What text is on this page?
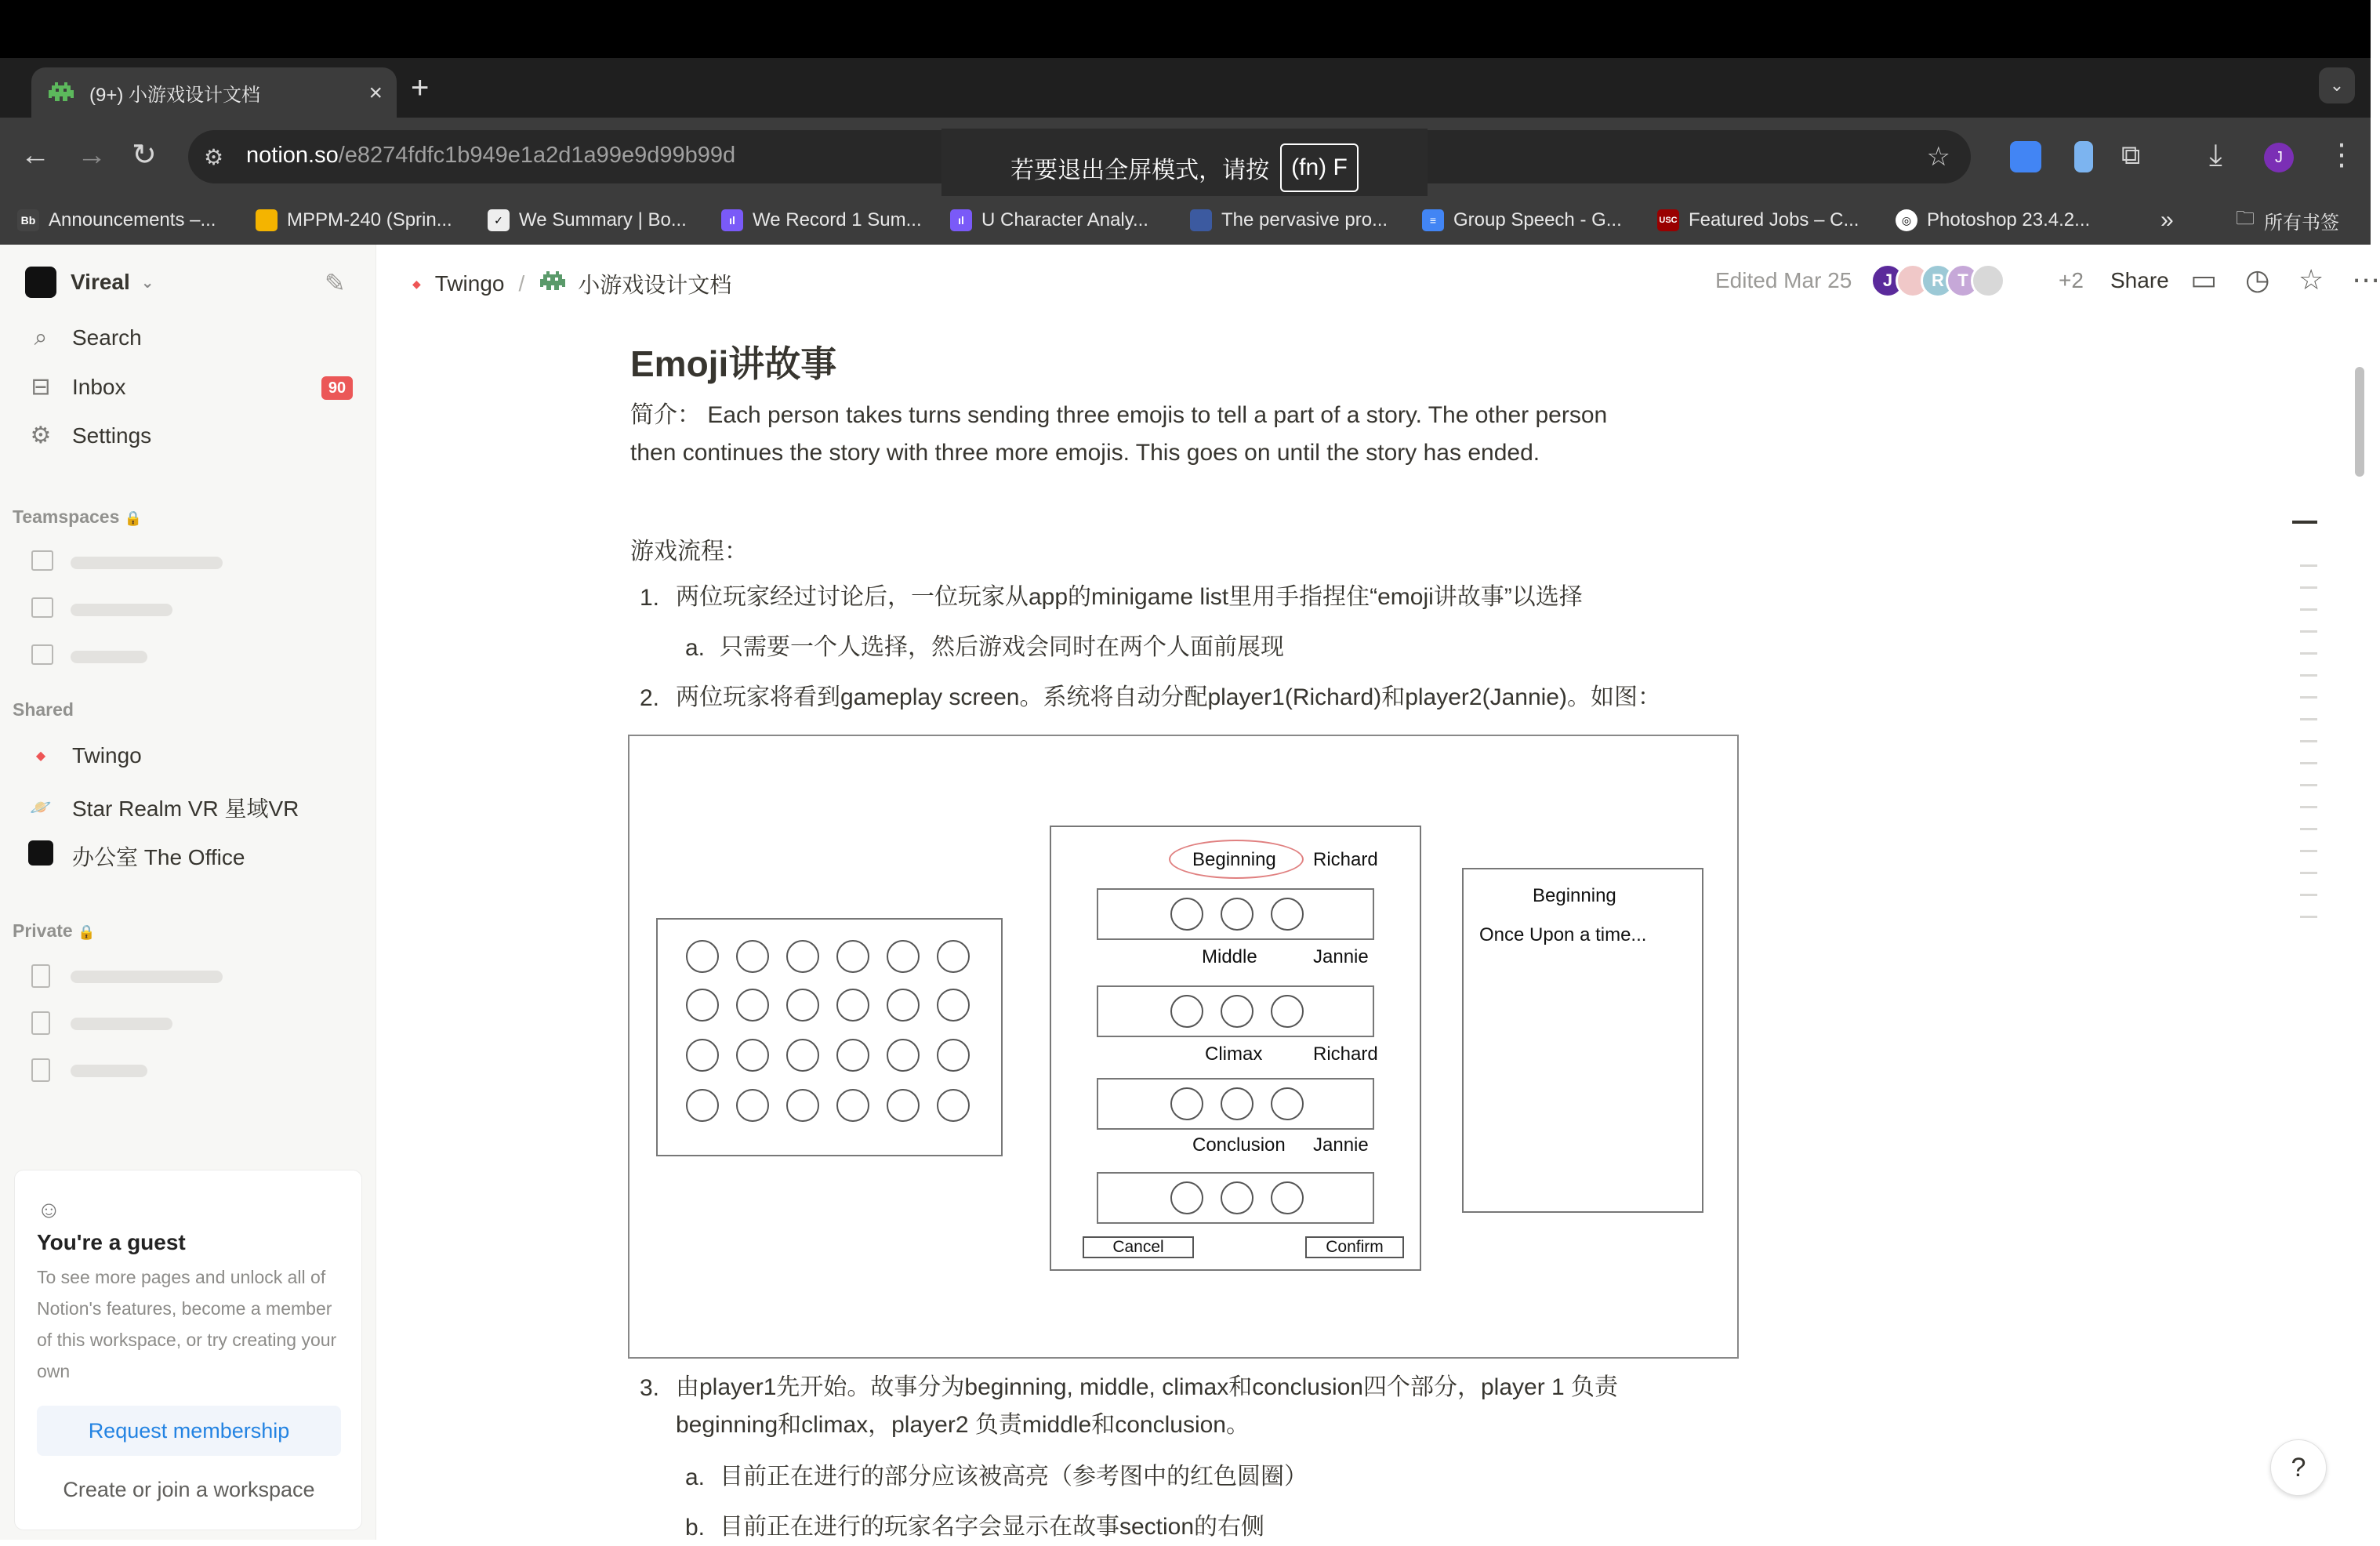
(9+) 小游戏设计文档	× +	⌄
← → ↻ ⚙ notion.so/e8274fdfc1b949e1a2d1a99e9d99b99d	☆	⧉ ⤓	J	⋮
若要退出全屏模式，请按 (fn) F
Bb Announcements –...	MPPM-240 (Sprin...	✓ We Summary | Bo...	ıl We Record 1 Sum...	ıl U Character Analy...	The pervasive pro...	≡ Group Speech - G...	USC Featured Jobs – C...	◎ Photoshop 23.4.2...	»	🗀 所有书签
Vireal ⌄	✎
⌕	Search
⊟ Inbox	90
⚙ Settings
Teamspaces 🔒
Shared
◆	Twingo
🪐 Star Realm VR 星域VR
办公室 The Office
Private 🔒
☺
You're a guest

To see more pages and unlock all of Notion's features, become a member of this workspace, or try creating your own

Request membership
Create or join a workspace
◆ Twingo / 小游戏设计文档	Edited Mar 25	J	R T	+2 Share ▭ ◷ ☆ ⋯
Emoji讲故事
简介： Each person takes turns sending three emojis to tell a part of a story. The other person
then continues the story with three more emojis. This goes on until the story has ended.
游戏流程：
1. 两位玩家经过讨论后，一位玩家从app的minigame list里用手指捏住“emoji讲故事”以选择
a. 只需要一个人选择，然后游戏会同时在两个人面前展现
2. 两位玩家将看到gameplay screen。系统将自动分配player1(Richard)和player2(Jannie)。如图：
3. 由player1先开始。故事分为beginning, middle, climax和conclusion四个部分，player 1 负责
beginning和climax，player2 负责middle和conclusion。
a. 目前正在进行的部分应该被高亮（参考图中的红色圆圈）
b. 目前正在进行的玩家名字会显示在故事section的右侧
Beginning Richard
Middle	Jannie
Climax	Richard
Conclusion Jannie
Cancel	Confirm
Beginning
Once Upon a time...
?
